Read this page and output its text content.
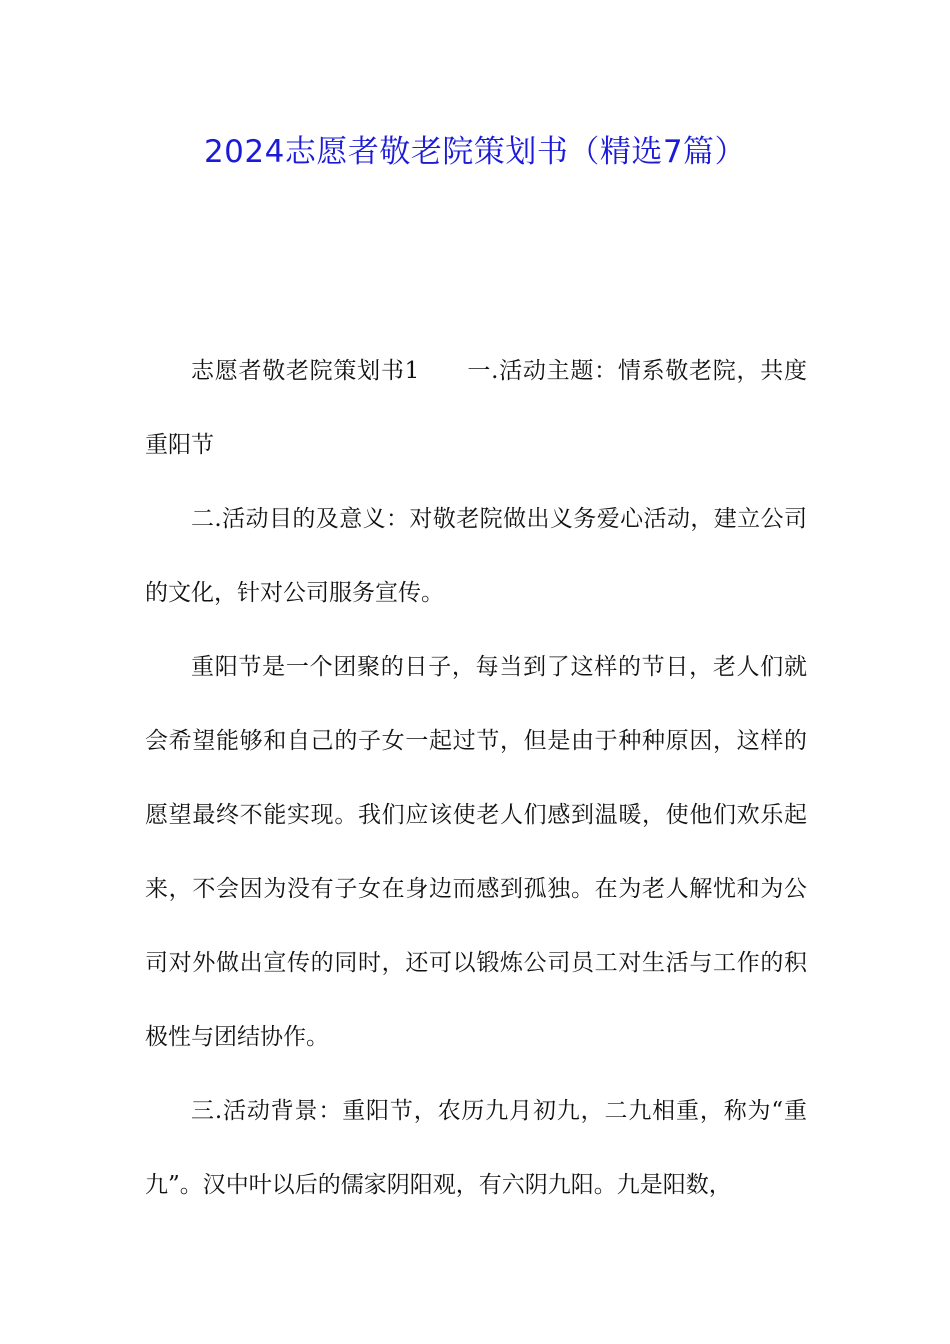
2024志愿者敬老院策划书（精选7篇）

志愿者敬老院策划书1　　一.活动主题：情系敬老院，共度重阳节

二.活动目的及意义：对敬老院做出义务爱心活动，建立公司的文化，针对公司服务宣传。

重阳节是一个团聚的日子，每当到了这样的节日，老人们就会希望能够和自己的子女一起过节，但是由于种种原因，这样的愿望最终不能实现。我们应该使老人们感到温暖，使他们欢乐起来，不会因为没有子女在身边而感到孤独。在为老人解忧和为公司对外做出宣传的同时，还可以锻炼公司员工对生活与工作的积极性与团结协作。

三.活动背景：重阳节，农历九月初九，二九相重，称为“重九”。汉中叶以后的儒家阴阳观，有六阴九阳。九是阳数，
